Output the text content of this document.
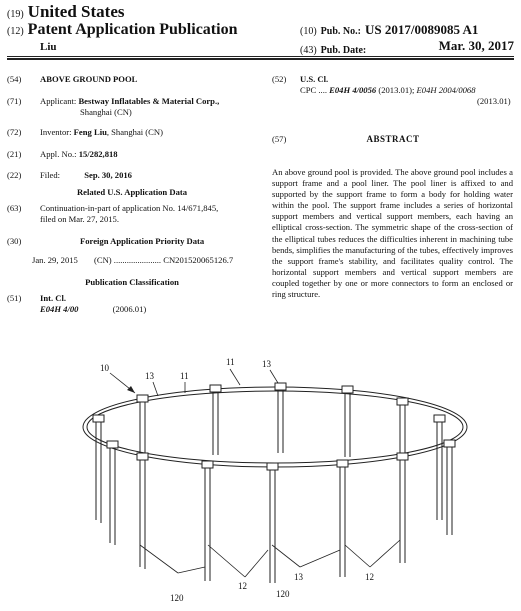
(19) United States
(12) Patent Application Publication
Liu
(10) Pub. No.: US 2017/0089085 A1
(43) Pub. Date:	Mar. 30, 2017
(54) ABOVE GROUND POOL
(71) Applicant: Bestway Inflatables & Material Corp.,
Shanghai (CN)
(72) Inventor: Feng Liu, Shanghai (CN)
(21) Appl. No.: 15/282,818
(22) Filed:	Sep. 30, 2016
Related U.S. Application Data
(63) Continuation-in-part of application No. 14/671,845,
filed on Mar. 27, 2015.
(30)	Foreign Application Priority Data
Jan. 29, 2015 (CN) ...................... CN201520065126.7
Publication Classification
(51) Int. Cl.
E04H 4/00	(2006.01)
(52) U.S. Cl.
CPC .... E04H 4/0056 (2013.01); E04H 2004/0068
(2013.01)
(57)	ABSTRACT
An above ground pool is provided. The above ground pool includes a support frame and a pool liner. The pool liner is affixed to and supported by the support frame to form a body for holding water within the pool. The support frame includes a series of horizontal support members and vertical support members, each having an elliptical cross-section. The symmetric shape of the cross-section of the elliptical tubes reduces the difficulties inherent in machining tube bends, simplifies the manufacturing of the tubes, effectively improves the support frame's stability, and facilitates quality control. The horizontal support members and vertical support members are coupled together by one or more connectors to form an enclosed or ring structure.
10
13	11
11	13
13	12
12
120	120
